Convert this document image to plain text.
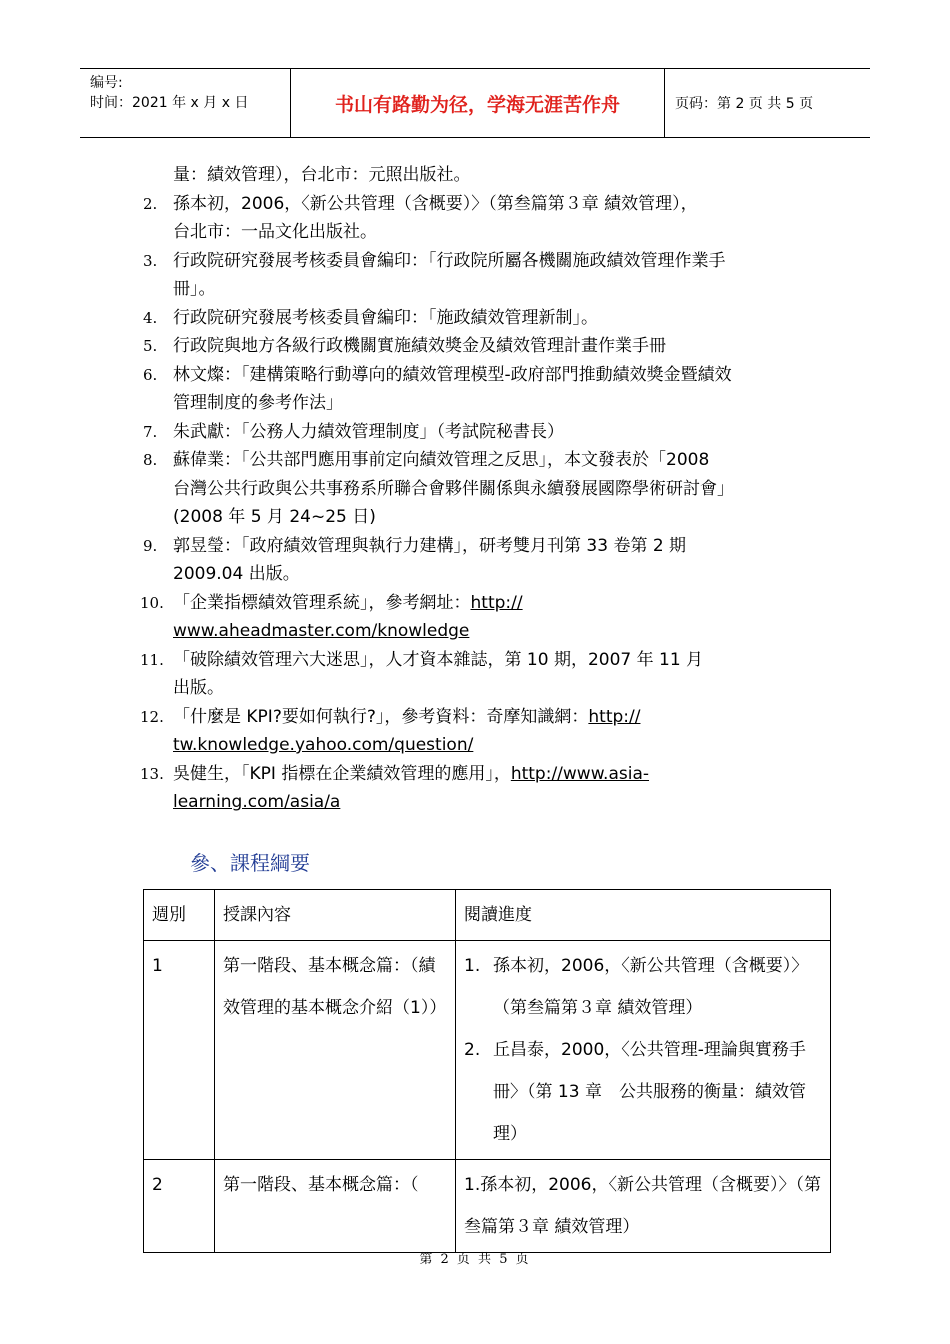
编号:
时间：2021 年 x 月 x 日	书山有路勤为径，学海无涯苦作舟	页码：第 2 页 共 5 页
量：績效管理），台北市：元照出版社。
2. 孫本初，2006，〈新公共管理（含概要）〉（第叁篇第３章 績效管理），
台北市：一品文化出版社。
3. 行政院研究發展考核委員會編印：「行政院所屬各機關施政績效管理作業手
冊」。
4. 行政院研究發展考核委員會編印：「施政績效管理新制」。
5. 行政院與地方各級行政機關實施績效獎金及績效管理計畫作業手冊
6. 林文燦：「建構策略行動導向的績效管理模型-政府部門推動績效獎金暨績效
管理制度的參考作法」
7. 朱武獻：「公務人力績效管理制度」（考試院秘書長）
8. 蘇偉業：「公共部門應用事前定向績效管理之反思」，本文發表於「2008
台灣公共行政與公共事務系所聯合會夥伴關係與永續發展國際學術研討會」
(2008 年 5 月 24~25 日)
9. 郭昱瑩：「政府績效管理與執行力建構」，研考雙月刊第 33 卷第 2 期
2009.04 出版。
10. 「企業指標績效管理系統」，參考網址：http://
www.aheadmaster.com/knowledge
11. 「破除績效管理六大迷思」，人才資本雜誌，第 10 期，2007 年 11 月
出版。
12. 「什麼是 KPI?要如何執行?」，參考資料：奇摩知識網：http://
tw.knowledge.yahoo.com/question/
13. 吳健生，「KPI 指標在企業績效管理的應用」，http://www.asia-
learning.com/asia/a
參、課程綱要
週別	授課內容	閱讀進度
1	第一階段、基本概念篇：（績效管理的基本概念介紹（1））	1. 孫本初，2006，〈新公共管理（含概要）〉（第叁篇第３章 績效管理）
2. 丘昌泰，2000，〈公共管理-理論與實務手冊〉（第 13 章　公共服務的衡量：績效管理）

2	第一階段、基本概念篇：（	1.孫本初，2006，〈新公共管理（含概要）〉（第叁篇第３章 績效管理）
第 2 页 共 5 页
